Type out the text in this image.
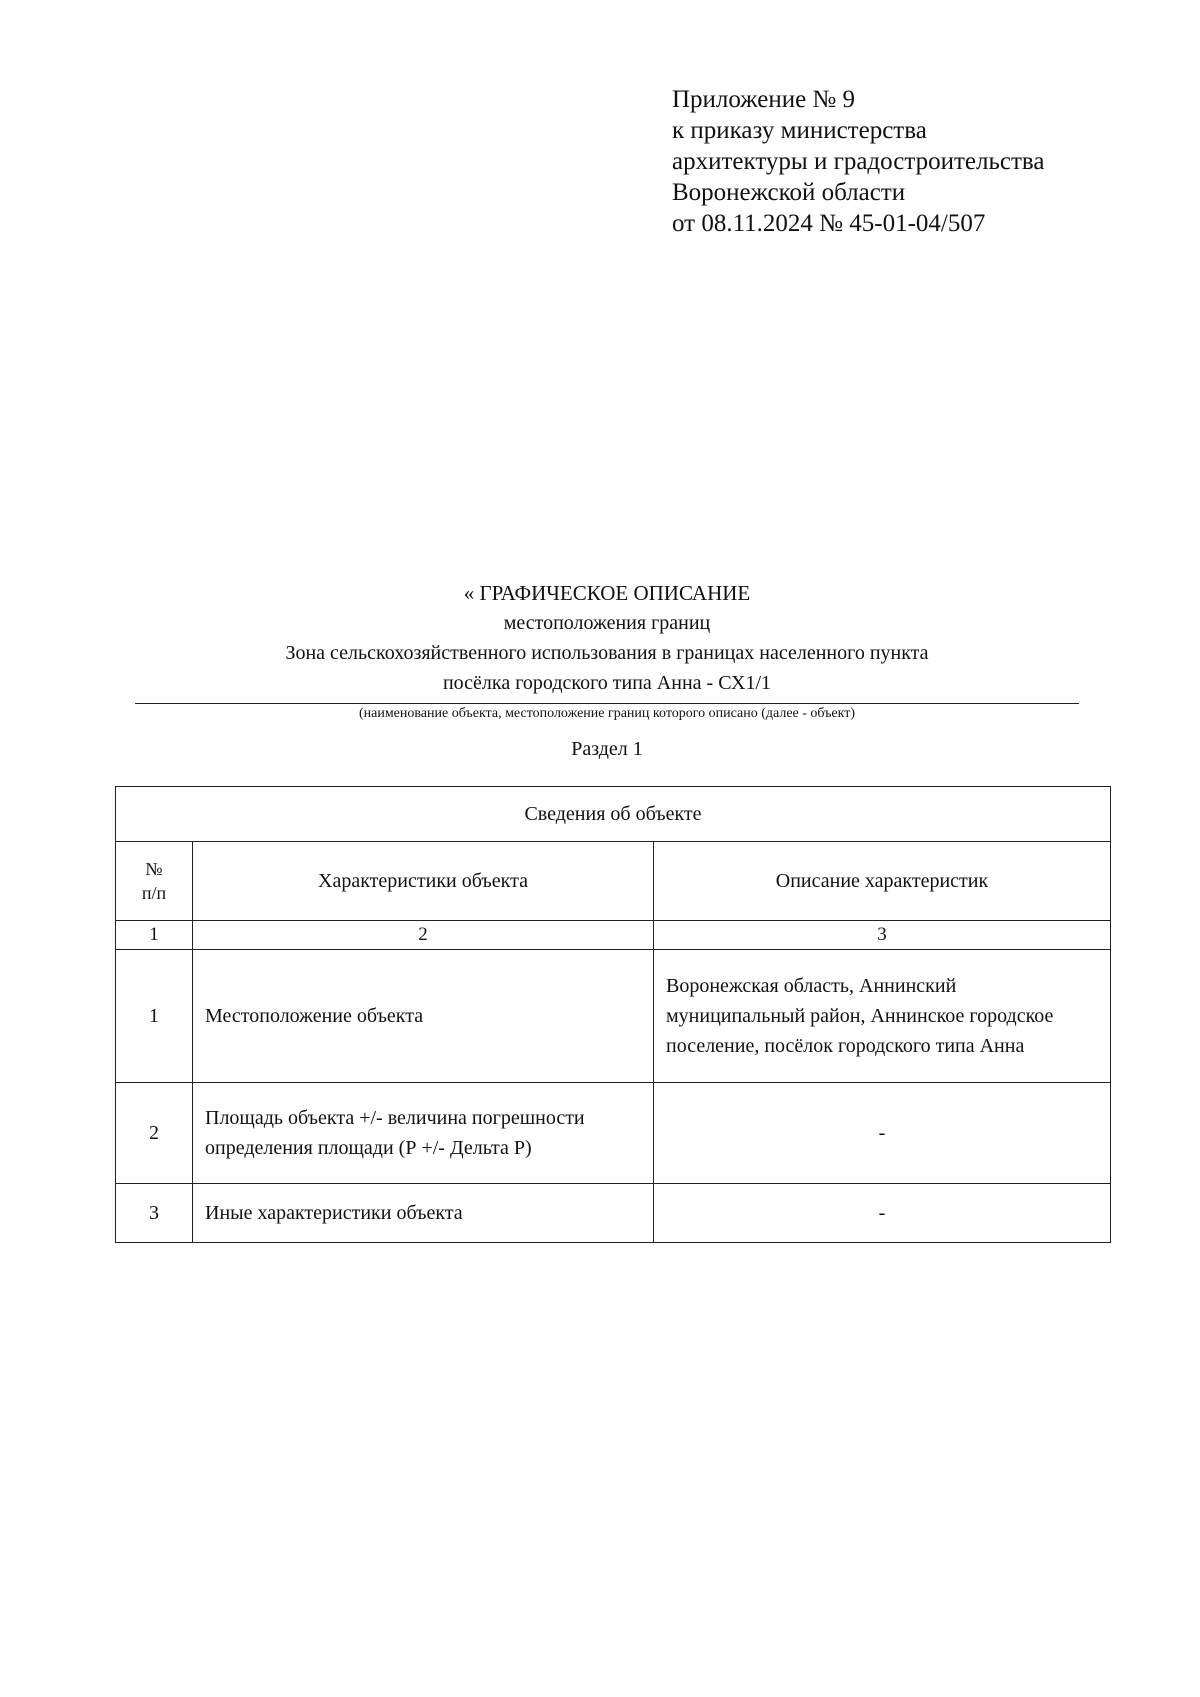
Приложение № 9
к приказу министерства
архитектуры и градостроительства
Воронежской области
от 08.11.2024 № 45-01-04/507
« ГРАФИЧЕСКОЕ ОПИСАНИЕ
местоположения границ
Зона сельскохозяйственного использования в границах населенного пункта
посёлка городского типа Анна - СХ1/1
(наименование объекта, местоположение границ которого описано (далее - объект)
Раздел 1
Сведения об объекте		

№
п/п	Характеристики объекта	Описание характеристик
1	2	3
1	Местоположение объекта	Воронежская область, Аннинский муниципальный район, Аннинское городское поселение, посёлок городского типа Анна
2	Площадь объекта +/- величина погрешности определения площади (Р +/- Дельта Р)	-
3	Иные характеристики объекта	-
